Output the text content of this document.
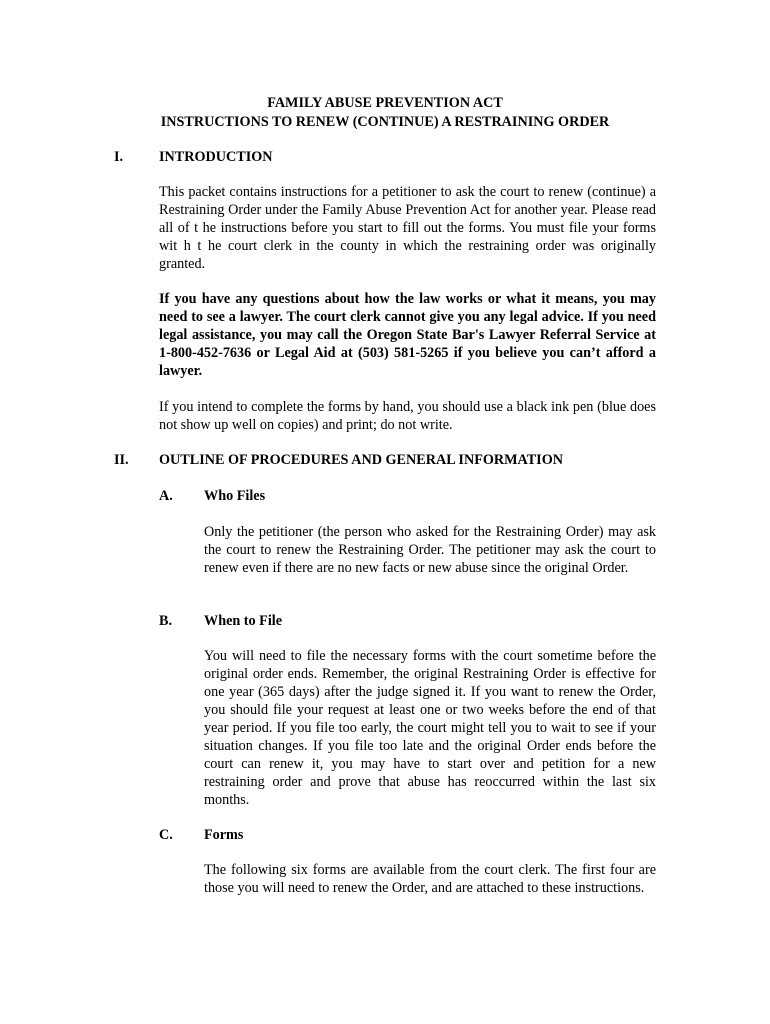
FAMILY ABUSE PREVENTION ACT
INSTRUCTIONS TO RENEW (CONTINUE) A RESTRAINING ORDER
I.	INTRODUCTION

This packet contains instructions for a petitioner to ask the court to renew (continue) a Restraining Order under the Family Abuse Prevention Act for another year. Please read all of t he instructions before you start to fill out the forms. You must file your forms wit h t he court clerk in the county in which the restraining order was originally granted.

If you have any questions about how the law works or what it means, you may need to see a lawyer. The court clerk cannot give you any legal advice. If you need legal assistance, you may call the Oregon State Bar's Lawyer Referral Service at 1-800-452-7636 or Legal Aid at (503) 581-5265 if you believe you can’t afford a lawyer.

If you intend to complete the forms by hand, you should use a black ink pen (blue does not show up well on copies) and print; do not write.

II. OUTLINE OF PROCEDURES AND GENERAL INFORMATION
A. Who Files

Only the petitioner (the person who asked for the Restraining Order) may ask the court to renew the Restraining Order. The petitioner may ask the court to renew even if there are no new facts or new abuse since the original Order.

B. When to File

You will need to file the necessary forms with the court sometime before the original order ends. Remember, the original Restraining Order is effective for one year (365 days) after the judge signed it. If you want to renew the Order, you should file your request at least one or two weeks before the end of that year period. If you file too early, the court might tell you to wait to see if your situation changes. If you file too late and the original Order ends before the court can renew it, you may have to start over and petition for a new restraining order and prove that abuse has reoccurred within the last six months.

C. Forms

The following six forms are available from the court clerk. The first four are those you will need to renew the Order, and are attached to these instructions.
